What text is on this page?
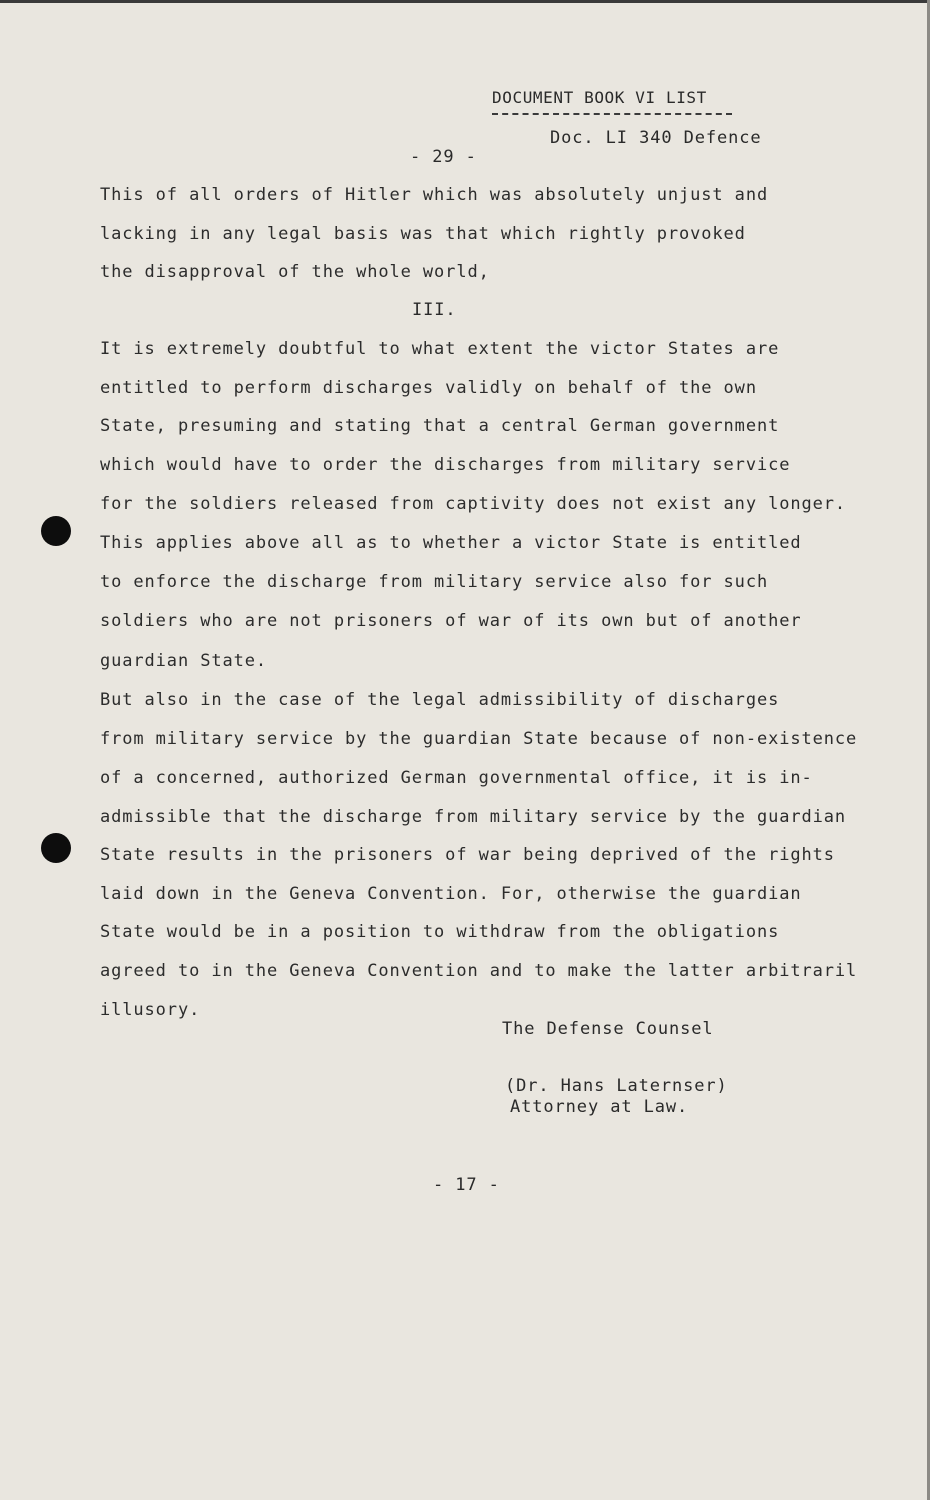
DOCUMENT BOOK VI LIST
Doc. LI 340 Defence
- 29 -
This of all orders of Hitler which was absolutely unjust and
lacking in any legal basis was that which rightly provoked
the disapproval of the whole world,
III.
It is extremely doubtful to what extent the victor States are
entitled to perform discharges validly on behalf of the own
State, presuming and stating that a central German government
which would have to order the discharges from military service
for the soldiers released from captivity does not exist any longer.
This applies above all as to whether a victor State is entitled
to enforce the discharge from military service also for such
soldiers who are not prisoners of war of its own but of another
guardian State.
But also in the case of the legal admissibility of discharges
from military service by the guardian State because of non-existence
of a concerned, authorized German governmental office, it is in-
admissible that the discharge from military service by the guardian
State results in the prisoners of war being deprived of the rights
laid down in the Geneva Convention. For, otherwise the guardian
State would be in a position to withdraw from the obligations
agreed to in the Geneva Convention and to make the latter arbitraril
illusory.
The Defense Counsel
(Dr. Hans Laternser)
Attorney at Law.
- 17 -
